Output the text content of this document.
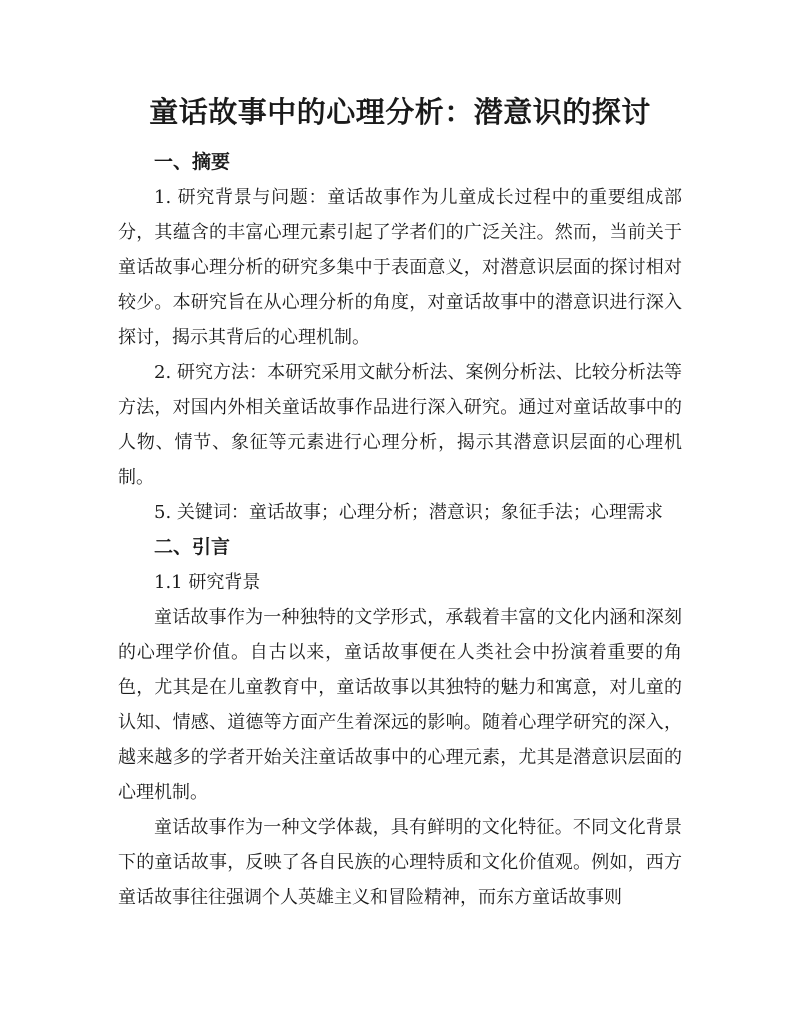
童话故事中的心理分析：潜意识的探讨
一、摘要

1. 研究背景与问题：童话故事作为儿童成长过程中的重要组成部分，其蕴含的丰富心理元素引起了学者们的广泛关注。然而，当前关于童话故事心理分析的研究多集中于表面意义，对潜意识层面的探讨相对较少。本研究旨在从心理分析的角度，对童话故事中的潜意识进行深入探讨，揭示其背后的心理机制。

2. 研究方法：本研究采用文献分析法、案例分析法、比较分析法等方法，对国内外相关童话故事作品进行深入研究。通过对童话故事中的人物、情节、象征等元素进行心理分析，揭示其潜意识层面的心理机制。

5. 关键词：童话故事；心理分析；潜意识；象征手法；心理需求

二、引言
1.1 研究背景

童话故事作为一种独特的文学形式，承载着丰富的文化内涵和深刻的心理学价值。自古以来，童话故事便在人类社会中扮演着重要的角色，尤其是在儿童教育中，童话故事以其独特的魅力和寓意，对儿童的认知、情感、道德等方面产生着深远的影响。随着心理学研究的深入，越来越多的学者开始关注童话故事中的心理元素，尤其是潜意识层面的心理机制。

童话故事作为一种文学体裁，具有鲜明的文化特征。不同文化背景下的童话故事，反映了各自民族的心理特质和文化价值观。例如，西方童话故事往往强调个人英雄主义和冒险精神，而东方童话故事则
